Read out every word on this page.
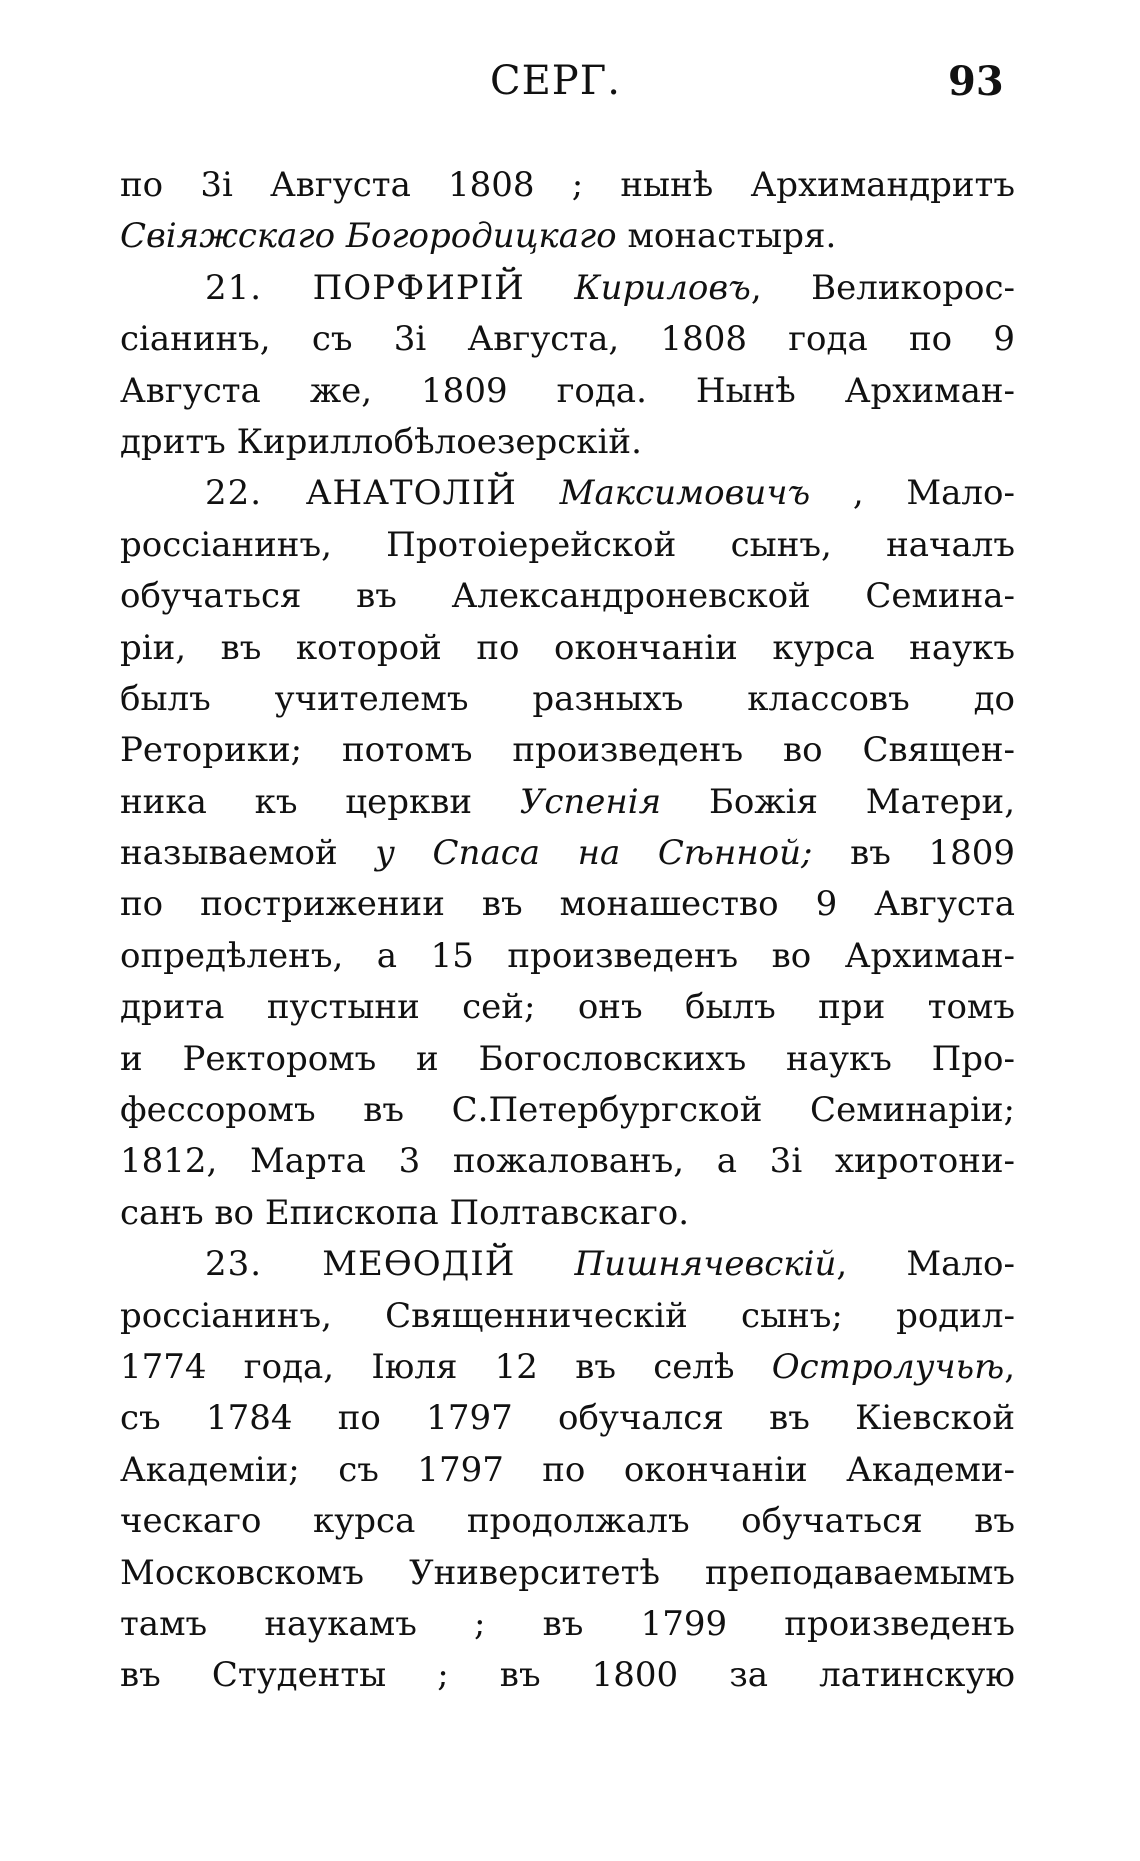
СЕРГ.	93
по 3i Августа 1808 ; нынѣ Архимандритъ
Свіяжскаго Богородицкаго монастыря.
21. ПОРФИРІЙ Кириловъ, Великорос-
сіанинъ, съ 3i Августа, 1808 года по 9
Августа же, 1809 года. Нынѣ Архиман-
дритъ Кириллобѣлоезерскій.
22. АНАТОЛІЙ Максимовичъ , Мало-
россіанинъ, Протоіерейской сынъ, началъ
обучаться въ Александроневской Семина-
ріи, въ которой по окончаніи курса наукъ
былъ учителемъ разныхъ классовъ до
Реторики; потомъ произведенъ во Священ-
ника къ церкви Успенія Божія Матери,
называемой у Спаса на Сѣнной; въ 1809
по пострижении въ монашество 9 Августа
опредѣленъ, а 15 произведенъ во Архиман-
дрита пустыни сей; онъ былъ при томъ
и Ректоромъ и Богословскихъ наукъ Про-
фессоромъ въ С.Петербургской Семинаріи;
1812, Марта 3 пожалованъ, а 3i хиротони-
санъ во Епископа Полтавскаго.
23. МЕѲОДІЙ Пишнячевскій, Мало-
россіанинъ, Священническій сынъ; родил-
1774 года, Іюля 12 въ селѣ Остролучьѣ,
съ 1784 по 1797 обучался въ Кіевской
Академіи; съ 1797 по окончаніи Академи-
ческаго курса продолжалъ обучаться въ
Московскомъ Университетѣ преподаваемымъ
тамъ наукамъ ; въ 1799 произведенъ
въ Студенты ; въ 1800 за латинскую
